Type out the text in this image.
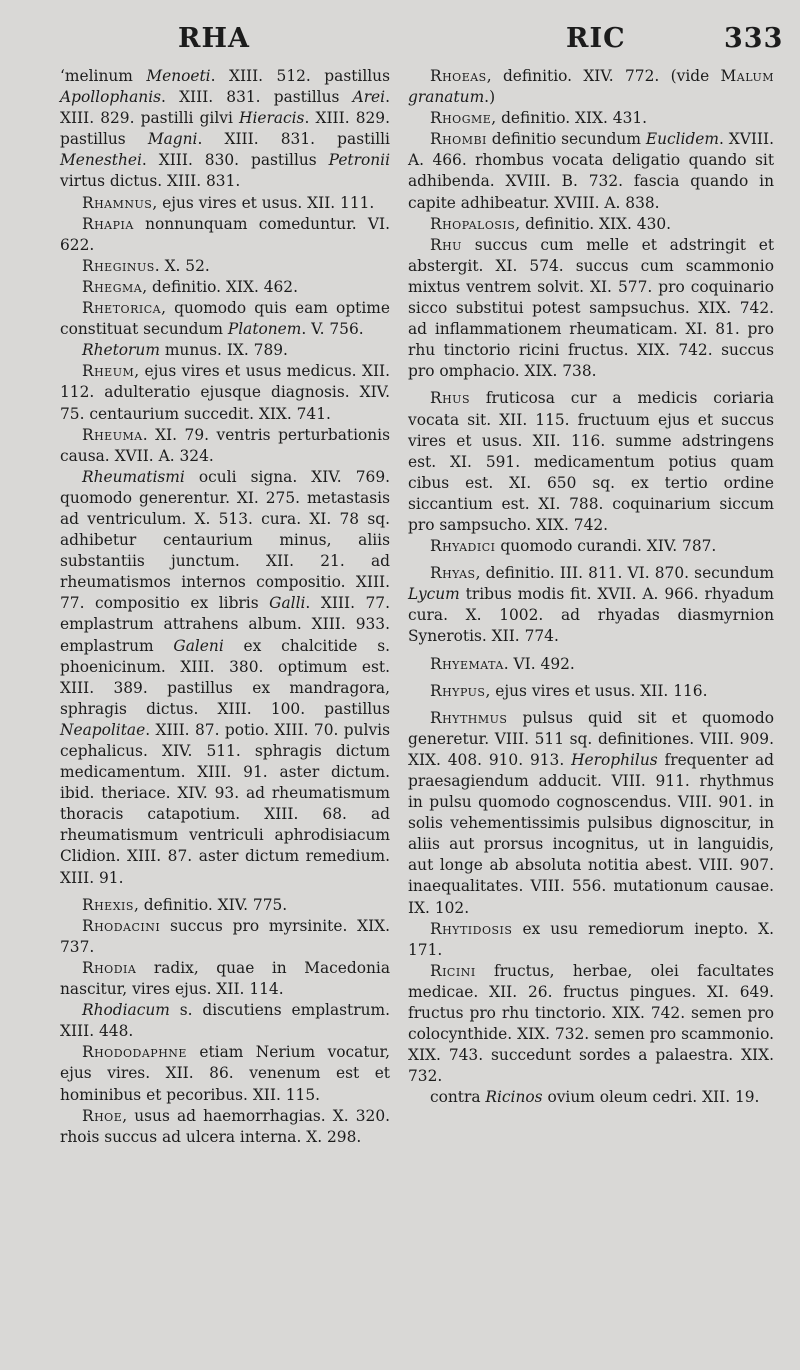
RHA	RIC	333

‘melinum Menoeti. XIII. 512. pastillus Apollophanis. XIII. 831. pastillus Arei. XIII. 829. pastilli gilvi Hieracis. XIII. 829. pastillus Magni. XIII. 831. pastilli Menesthei. XIII. 830. pastillus Petronii virtus dictus. XIII. 831.

Rhamnus, ejus vires et usus. XII. 111.

Rhapia nonnunquam comeduntur. VI. 622.

Rheginus. X. 52.

Rhegma, definitio. XIX. 462.

Rhetorica, quomodo quis eam optime constituat secundum Platonem. V. 756.

Rhetorum munus. IX. 789.

Rheum, ejus vires et usus medicus. XII. 112. adulteratio ejusque diagnosis. XIV. 75. centaurium succedit. XIX. 741.

Rheuma. XI. 79. ventris perturbationis causa. XVII. A. 324.

Rheumatismi oculi signa. XIV. 769. quomodo generentur. XI. 275. metastasis ad ventriculum. X. 513. cura. XI. 78 sq. adhibetur centaurium minus, aliis substantiis junctum. XII. 21. ad rheumatismos internos compositio. XIII. 77. compositio ex libris Galli. XIII. 77. emplastrum attrahens album. XIII. 933. emplastrum Galeni ex chalcitide s. phoenicinum. XIII. 380. optimum est. XIII. 389. pastillus ex mandragora, sphragis dictus. XIII. 100. pastillus Neapolitae. XIII. 87. potio. XIII. 70. pulvis cephalicus. XIV. 511. sphragis dictum medicamentum. XIII. 91. aster dictum. ibid. theriace. XIV. 93. ad rheumatismum thoracis catapotium. XIII. 68. ad rheumatismum ventriculi aphrodisiacum Clidion. XIII. 87. aster dictum remedium. XIII. 91.

Rhexis, definitio. XIV. 775.

Rhodacini succus pro myrsinite. XIX. 737.

Rhodia radix, quae in Macedonia nascitur, vires ejus. XII. 114.

Rhodiacum s. discutiens emplastrum. XIII. 448.

Rhododaphne etiam Nerium vocatur, ejus vires. XII. 86. venenum est et hominibus et pecoribus. XII. 115.

Rhoe, usus ad haemorrhagias. X. 320. rhois succus ad ulcera interna. X. 298.

Rhoeas, definitio. XIV. 772. (vide Malum granatum.)

Rhogme, definitio. XIX. 431.

Rhombi definitio secundum Euclidem. XVIII. A. 466. rhombus vocata deligatio quando sit adhibenda. XVIII. B. 732. fascia quando in capite adhibeatur. XVIII. A. 838.

Rhopalosis, definitio. XIX. 430.

Rhu succus cum melle et adstringit et abstergit. XI. 574. succus cum scammonio mixtus ventrem solvit. XI. 577. pro coquinario sicco substitui potest sampsuchus. XIX. 742. ad inflammationem rheumaticam. XI. 81. pro rhu tinctorio ricini fructus. XIX. 742. succus pro omphacio. XIX. 738.

Rhus fruticosa cur a medicis coriaria vocata sit. XII. 115. fructuum ejus et succus vires et usus. XII. 116. summe adstringens est. XI. 591. medicamentum potius quam cibus est. XI. 650 sq. ex tertio ordine siccantium est. XI. 788. coquinarium siccum pro sampsucho. XIX. 742.

Rhyadici quomodo curandi. XIV. 787.

Rhyas, definitio. III. 811. VI. 870. secundum Lycum tribus modis fit. XVII. A. 966. rhyadum cura. X. 1002. ad rhyadas diasmyrnion Synerotis. XII. 774.

Rhyemata. VI. 492.

Rhypus, ejus vires et usus. XII. 116.

Rhythmus pulsus quid sit et quomodo generetur. VIII. 511 sq. definitiones. VIII. 909. XIX. 408. 910. 913. Herophilus frequenter ad praesagiendum adducit. VIII. 911. rhythmus in pulsu quomodo cognoscendus. VIII. 901. in solis vehementissimis pulsibus dignoscitur, in aliis aut prorsus incognitus, ut in languidis, aut longe ab absoluta notitia abest. VIII. 907. inaequalitates. VIII. 556. mutationum causae. IX. 102.

Rhytidosis ex usu remediorum inepto. X. 171.

Ricini fructus, herbae, olei facultates medicae. XII. 26. fructus pingues. XI. 649. fructus pro rhu tinctorio. XIX. 742. semen pro colocynthide. XIX. 732. semen pro scammonio. XIX. 743. succedunt sordes a palaestra. XIX. 732.

contra Ricinos ovium oleum cedri. XII. 19.
